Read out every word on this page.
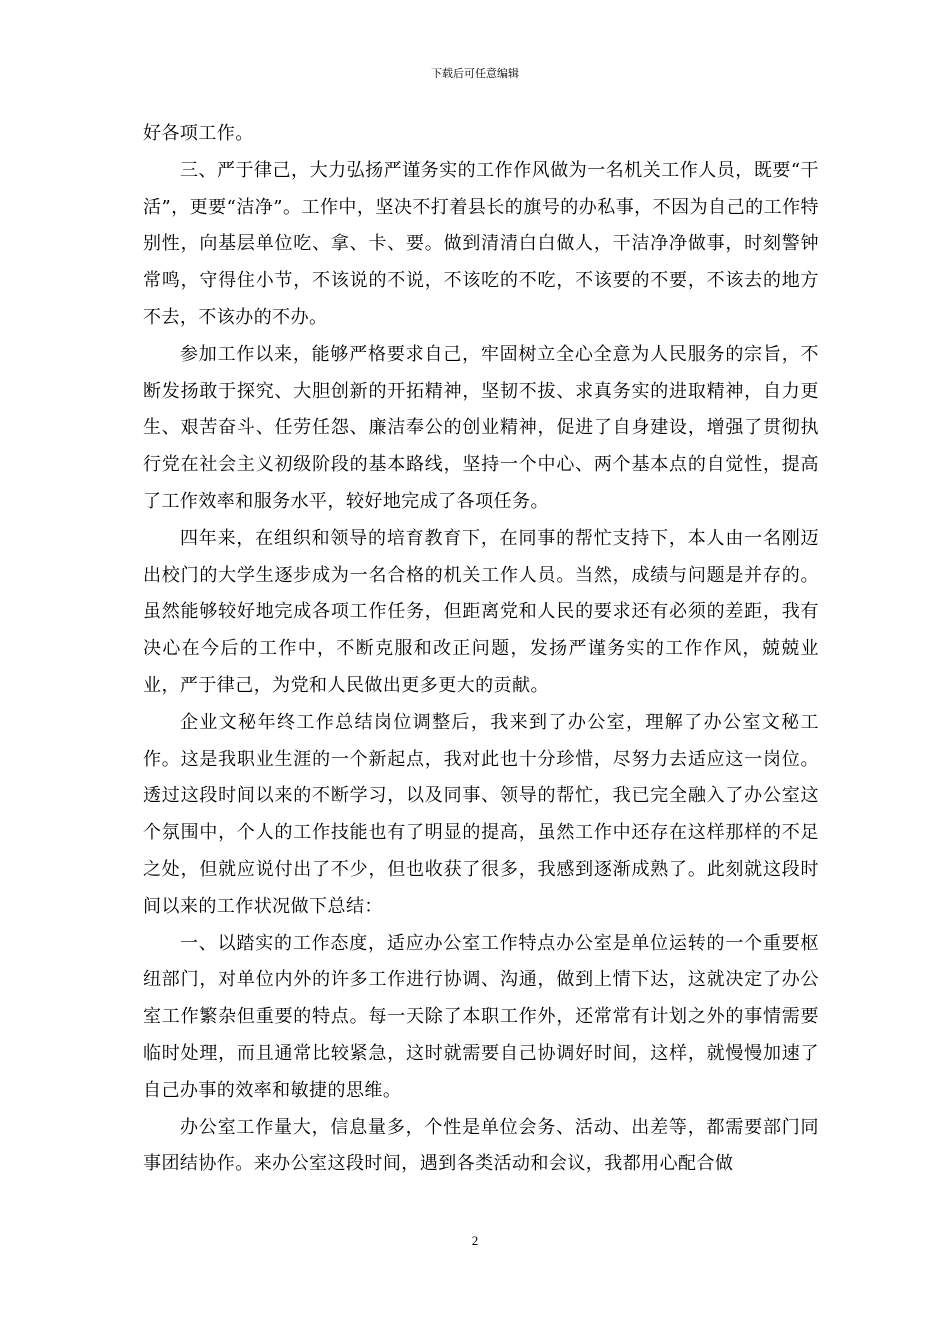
下载后可任意编辑

好各项工作。

三、严于律己，大力弘扬严谨务实的工作作风做为一名机关工作人员，既要“干活”，更要“洁净”。工作中，坚决不打着县长的旗号的办私事，不因为自己的工作特别性，向基层单位吃、拿、卡、要。做到清清白白做人，干洁净净做事，时刻警钟常鸣，守得住小节，不该说的不说，不该吃的不吃，不该要的不要，不该去的地方不去，不该办的不办。

参加工作以来，能够严格要求自己，牢固树立全心全意为人民服务的宗旨，不断发扬敢于探究、大胆创新的开拓精神，坚韧不拔、求真务实的进取精神，自力更生、艰苦奋斗、任劳任怨、廉洁奉公的创业精神，促进了自身建设，增强了贯彻执行党在社会主义初级阶段的基本路线，坚持一个中心、两个基本点的自觉性，提高了工作效率和服务水平，较好地完成了各项任务。

四年来，在组织和领导的培育教育下，在同事的帮忙支持下，本人由一名刚迈出校门的大学生逐步成为一名合格的机关工作人员。当然，成绩与问题是并存的。虽然能够较好地完成各项工作任务，但距离党和人民的要求还有必须的差距，我有决心在今后的工作中，不断克服和改正问题，发扬严谨务实的工作作风，兢兢业业，严于律己，为党和人民做出更多更大的贡献。

企业文秘年终工作总结岗位调整后，我来到了办公室，理解了办公室文秘工作。这是我职业生涯的一个新起点，我对此也十分珍惜，尽努力去适应这一岗位。透过这段时间以来的不断学习，以及同事、领导的帮忙，我已完全融入了办公室这个氛围中，个人的工作技能也有了明显的提高，虽然工作中还存在这样那样的不足之处，但就应说付出了不少，但也收获了很多，我感到逐渐成熟了。此刻就这段时间以来的工作状况做下总结：

一、以踏实的工作态度，适应办公室工作特点办公室是单位运转的一个重要枢纽部门，对单位内外的许多工作进行协调、沟通，做到上情下达，这就决定了办公室工作繁杂但重要的特点。每一天除了本职工作外，还常常有计划之外的事情需要临时处理，而且通常比较紧急，这时就需要自己协调好时间，这样，就慢慢加速了自己办事的效率和敏捷的思维。

办公室工作量大，信息量多，个性是单位会务、活动、出差等，都需要部门同事团结协作。来办公室这段时间，遇到各类活动和会议，我都用心配合做

2
